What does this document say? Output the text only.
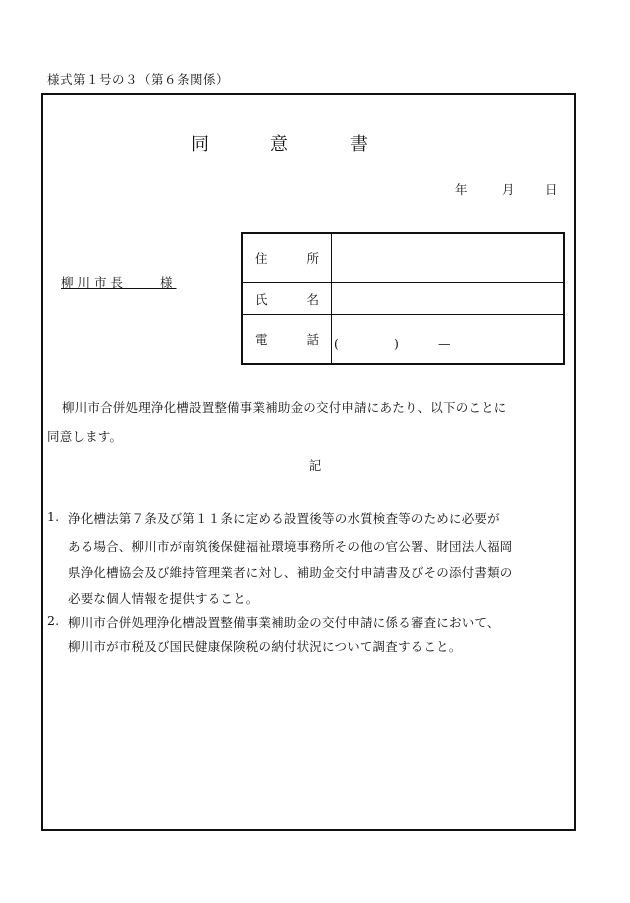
様式第１号の３（第６条関係）
同	意	書
年	月 日
柳川市長　　様
住 所	

氏 名	

電 話	
	(	)	—
柳川市合併処理浄化槽設置整備事業補助金の交付申請にあたり、以下のことに
同意します。
記
1. 浄化槽法第７条及び第１１条に定める設置後等の水質検査等のために必要が
ある場合、柳川市が南筑後保健福祉環境事務所その他の官公署、財団法人福岡
県浄化槽協会及び維持管理業者に対し、補助金交付申請書及びその添付書類の
必要な個人情報を提供すること。
2. 柳川市合併処理浄化槽設置整備事業補助金の交付申請に係る審査において、
柳川市が市税及び国民健康保険税の納付状況について調査すること。
